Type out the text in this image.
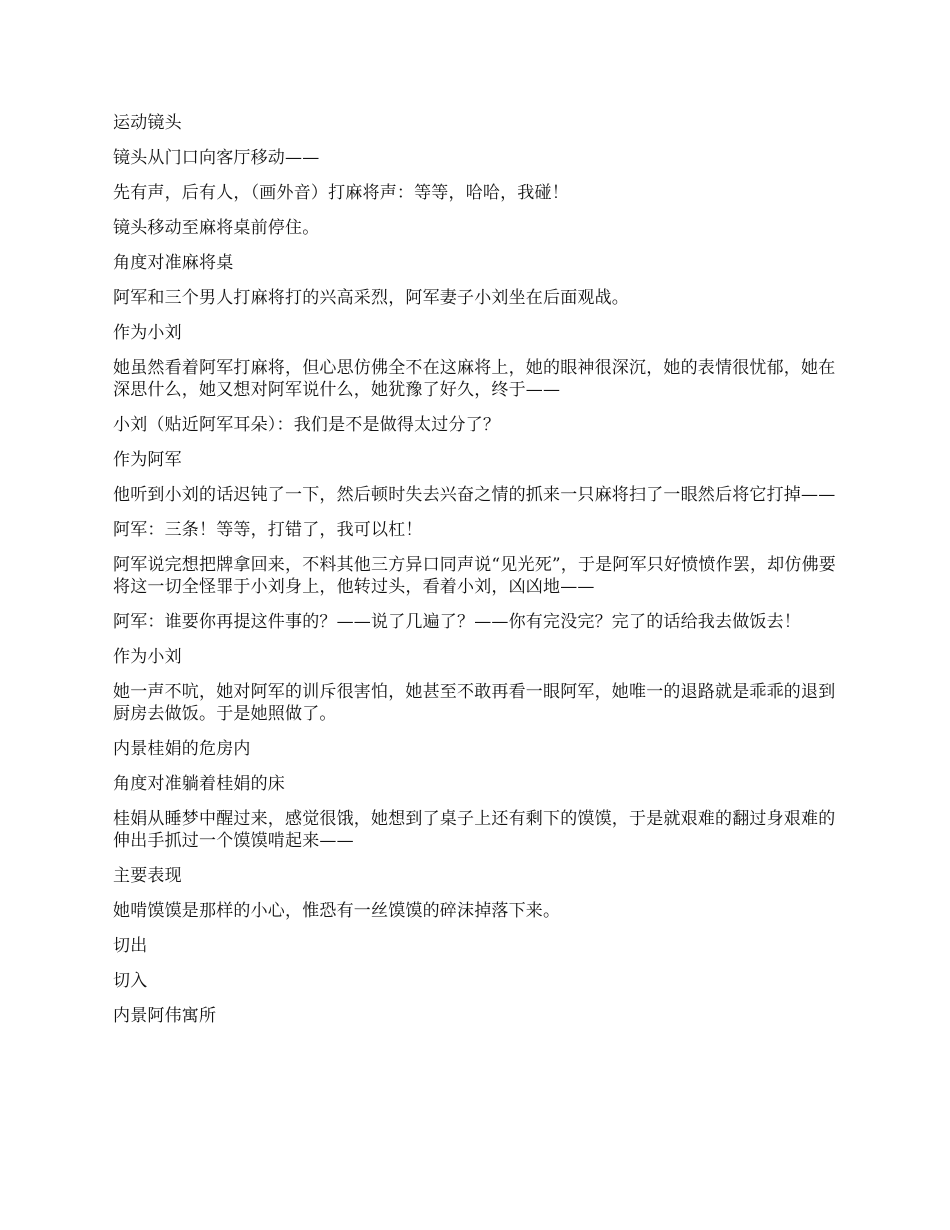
运动镜头

镜头从门口向客厅移动——

先有声，后有人，（画外音）打麻将声：等等，哈哈，我碰！

镜头移动至麻将桌前停住。

角度对准麻将桌

阿军和三个男人打麻将打的兴高采烈，阿军妻子小刘坐在后面观战。

作为小刘

她虽然看着阿军打麻将，但心思仿佛全不在这麻将上，她的眼神很深沉，她的表情很忧郁，她在深思什么，她又想对阿军说什么，她犹豫了好久，终于——

小刘（贴近阿军耳朵）：我们是不是做得太过分了？

作为阿军

他听到小刘的话迟钝了一下，然后顿时失去兴奋之情的抓来一只麻将扫了一眼然后将它打掉——

阿军：三条！等等，打错了，我可以杠！

阿军说完想把牌拿回来，不料其他三方异口同声说“见光死”，于是阿军只好愤愤作罢，却仿佛要将这一切全怪罪于小刘身上，他转过头，看着小刘，凶凶地——

阿军：谁要你再提这件事的？——说了几遍了？——你有完没完？完了的话给我去做饭去！

作为小刘

她一声不吭，她对阿军的训斥很害怕，她甚至不敢再看一眼阿军，她唯一的退路就是乖乖的退到厨房去做饭。于是她照做了。

内景桂娟的危房内

角度对准躺着桂娟的床

桂娟从睡梦中醒过来，感觉很饿，她想到了桌子上还有剩下的馍馍，于是就艰难的翻过身艰难的伸出手抓过一个馍馍啃起来——

主要表现

她啃馍馍是那样的小心，惟恐有一丝馍馍的碎沫掉落下来。

切出

切入

内景阿伟寓所
